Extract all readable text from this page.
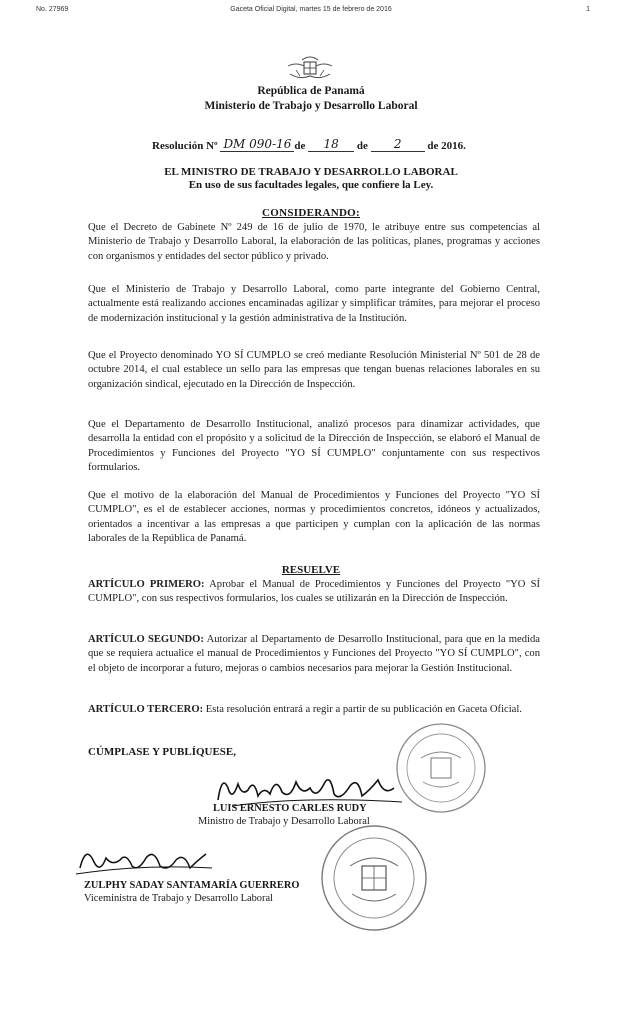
No. 27969	Gaceta Oficial Digital, martes 15 de febrero de 2016	1
República de Panamá
Ministerio de Trabajo y Desarrollo Laboral
Resolución Nº DM 090-16 de 18 de 2 de 2016.
EL MINISTRO DE TRABAJO Y DESARROLLO LABORAL
En uso de sus facultades legales, que confiere la Ley.
CONSIDERANDO:

Que el Decreto de Gabinete Nº 249 de 16 de julio de 1970, le atribuye entre sus competencias al Ministerio de Trabajo y Desarrollo Laboral, la elaboración de las políticas, planes, programas y acciones con organismos y entidades del sector público y privado.

Que el Ministerio de Trabajo y Desarrollo Laboral, como parte integrante del Gobierno Central, actualmente está realizando acciones encaminadas agilizar y simplificar trámites, para mejorar el proceso de modernización institucional y la gestión administrativa de la Institución.

Que el Proyecto denominado YO SÍ CUMPLO se creó mediante Resolución Ministerial Nº 501 de 28 de octubre 2014, el cual establece un sello para las empresas que tengan buenas relaciones laborales en su organización sindical, ejecutado en la Dirección de Inspección.

Que el Departamento de Desarrollo Institucional, analizó procesos para dinamizar actividades, que desarrolla la entidad con el propósito y a solicitud de la Dirección de Inspección, se elaboró el Manual de Procedimientos y Funciones del Proyecto "YO SÍ CUMPLO" conjuntamente con sus respectivos formularios.

Que el motivo de la elaboración del Manual de Procedimientos y Funciones del Proyecto "YO SÍ CUMPLO", es el de establecer acciones, normas y procedimientos concretos, idóneos y actualizados, orientados a incentivar a las empresas a que participen y cumplan con la aplicación de las normas laborales de la República de Panamá.

RESUELVE

ARTÍCULO PRIMERO: Aprobar el Manual de Procedimientos y Funciones del Proyecto "YO SÍ CUMPLO", con sus respectivos formularios, los cuales se utilizarán en la Dirección de Inspección.

ARTÍCULO SEGUNDO: Autorizar al Departamento de Desarrollo Institucional, para que en la medida que se requiera actualice el manual de Procedimientos y Funciones del Proyecto "YO SÍ CUMPLO", con el objeto de incorporar a futuro, mejoras o cambios necesarios para mejorar la Gestión Institucional.

ARTÍCULO TERCERO: Esta resolución entrará a regir a partir de su publicación en Gaceta Oficial.

CÚMPLASE Y PUBLÍQUESE,
LUIS ERNESTO CARLES RUDY
Ministro de Trabajo y Desarrollo Laboral
ZULPHY SADAY SANTAMARÍA GUERRERO
Viceministra de Trabajo y Desarrollo Laboral
